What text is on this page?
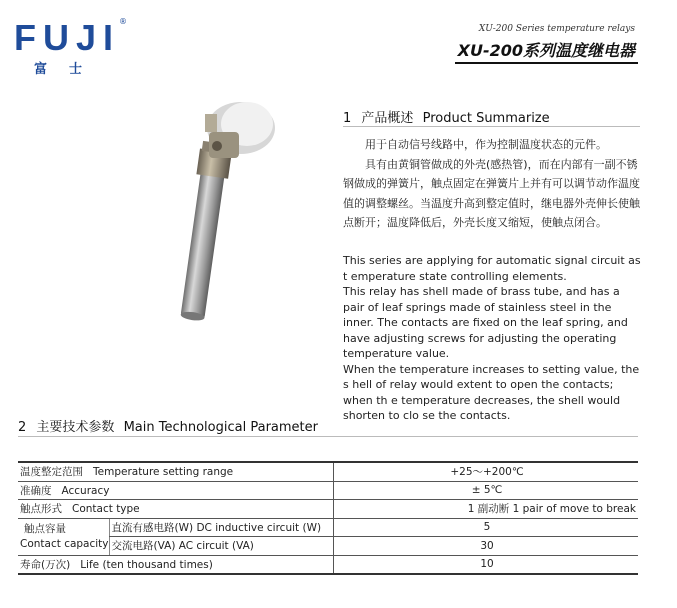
FUJI
®
富士
XU-200 Series temperature relays
XU-200系列温度继电器
1 产品概述 Product Summarize

用于自动信号线路中，作为控制温度状态的元件。

具有由黄铜管做成的外壳(感热管)，而在内部有一副不锈钢做成的弹簧片，触点固定在弹簧片上并有可以调节动作温度值的调整螺丝。当温度升高到整定值时，继电器外壳伸长使触点断开；温度降低后，外壳长度又缩短，使触点闭合。

This series are applying for automatic signal circuit as t emperature state controlling elements.

This relay has shell made of brass tube, and has a pair of leaf springs made of stainless steel in the inner. The contacts are fixed on the leaf spring, and have adjusting screws for adjusting the operating temperature value.

When the temperature increases to setting value, the s hell of relay would extent to open the contacts; when th e temperature decreases, the shell would shorten to clo se the contacts.

2 主要技术参数 Main Technological Parameter
温度整定范围 Temperature setting range		+25～+200℃
准确度 Accuracy		± 5℃
触点形式 Contact type		1 副动断 1 pair of move to break

触点容量
Contact capacity	直流有感电路(W) DC inductive circuit (W)	5
	交流电路(VA) AC circuit (VA)	30
寿命(万次) Life (ten thousand times)		10
